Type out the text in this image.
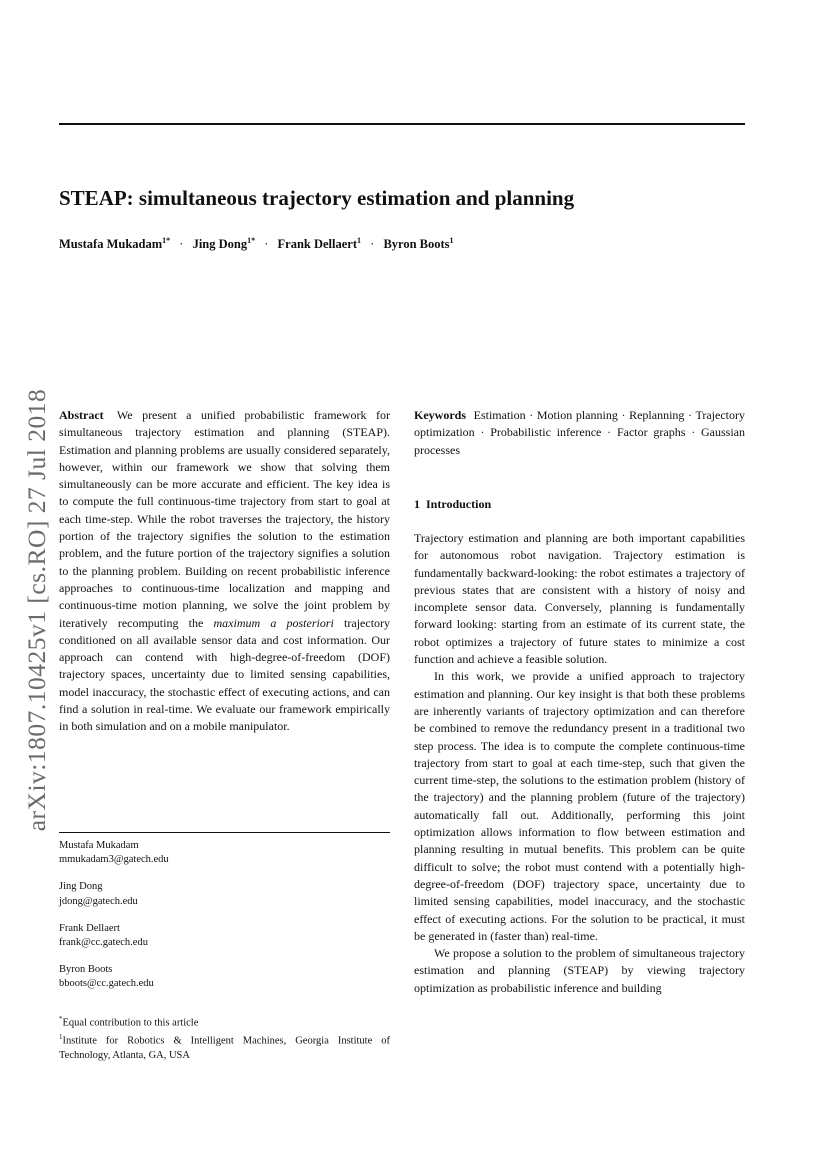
arXiv:1807.10425v1 [cs.RO] 27 Jul 2018
STEAP: simultaneous trajectory estimation and planning
Mustafa Mukadam$^{1*}$ · Jing Dong$^{1*}$ · Frank Dellaert$^1$ · Byron Boots$^1$

Abstract We present a unified probabilistic framework for simultaneous trajectory estimation and planning (STEAP). Estimation and planning problems are usually considered separately, however, within our framework we show that solving them simultaneously can be more accurate and efficient. The key idea is to compute the full continuous-time trajectory from start to goal at each time-step. While the robot traverses the trajectory, the history portion of the trajectory signifies the solution to the estimation problem, and the future portion of the trajectory signifies a solution to the planning problem. Building on recent probabilistic inference approaches to continuous-time localization and mapping and continuous-time motion planning, we solve the joint problem by iteratively recomputing the maximum a posteriori trajectory conditioned on all available sensor data and cost information. Our approach can contend with high-degree-of-freedom (DOF) trajectory spaces, uncertainty due to limited sensing capabilities, model inaccuracy, the stochastic effect of executing actions, and can find a solution in real-time. We evaluate our framework empirically in both simulation and on a mobile manipulator.

Keywords Estimation · Motion planning · Replanning · Trajectory optimization · Probabilistic inference · Factor graphs · Gaussian processes

1 Introduction

Trajectory estimation and planning are both important capabilities for autonomous robot navigation. Trajectory estimation is fundamentally backward-looking: the robot estimates a trajectory of previous states that are consistent with a history of noisy and incomplete sensor data. Conversely, planning is fundamentally forward looking: starting from an estimate of its current state, the robot optimizes a trajectory of future states to minimize a cost function and achieve a feasible solution.

In this work, we provide a unified approach to trajectory estimation and planning. Our key insight is that both these problems are inherently variants of trajectory optimization and can therefore be combined to remove the redundancy present in a traditional two step process. The idea is to compute the complete continuous-time trajectory from start to goal at each time-step, such that given the current time-step, the solutions to the estimation problem (history of the trajectory) and the planning problem (future of the trajectory) automatically fall out. Additionally, performing this joint optimization allows information to flow between estimation and planning resulting in mutual benefits. This problem can be quite difficult to solve; the robot must contend with a potentially high-degree-of-freedom (DOF) trajectory space, uncertainty due to limited sensing capabilities, model inaccuracy, and the stochastic effect of executing actions. For the solution to be practical, it must be generated in (faster than) real-time.

We propose a solution to the problem of simultaneous trajectory estimation and planning (STEAP) by viewing trajectory optimization as probabilistic inference and building

Mustafa Mukadam
mmukadam3@gatech.edu
Jing Dong
jdong@gatech.edu
Frank Dellaert
frank@cc.gatech.edu
Byron Boots
bboots@cc.gatech.edu

*Equal contribution to this article

$^1$Institute for Robotics & Intelligent Machines, Georgia Institute of Technology, Atlanta, GA, USA
